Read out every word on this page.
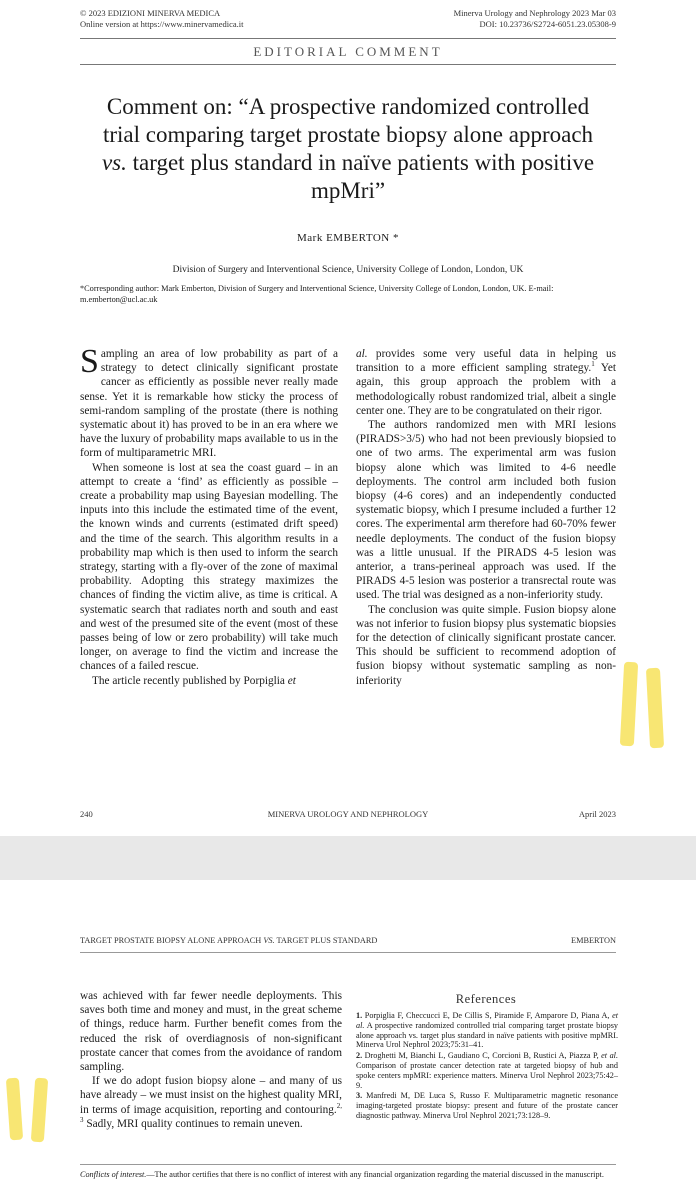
© 2023 EDIZIONI MINERVA MEDICA
Online version at https://www.minervamedica.it
Minerva Urology and Nephrology 2023 Mar 03
DOI: 10.23736/S2724-6051.23.05308-9
EDITORIAL COMMENT
Comment on: “A prospective randomized controlled trial comparing target prostate biopsy alone approach vs. target plus standard in naïve patients with positive mpMri”
Mark EMBERTON *
Division of Surgery and Interventional Science, University College of London, London, UK
*Corresponding author: Mark Emberton, Division of Surgery and Interventional Science, University College of London, London, UK. E-mail: m.emberton@ucl.ac.uk

Sampling an area of low probability as part of a strategy to detect clinically significant prostate cancer as efficiently as possible never really made sense. Yet it is remarkable how sticky the process of semi-random sampling of the prostate (there is nothing systematic about it) has proved to be in an era where we have the luxury of probability maps available to us in the form of multiparametric MRI.

When someone is lost at sea the coast guard – in an attempt to create a ‘find’ as efficiently as possible – create a probability map using Bayesian modelling. The inputs into this include the estimated time of the event, the known winds and currents (estimated drift speed) and the time of the search. This algorithm results in a probability map which is then used to inform the search strategy, starting with a fly-over of the zone of maximal probability. Adopting this strategy maximizes the chances of finding the victim alive, as time is critical. A systematic search that radiates north and south and east and west of the presumed site of the event (most of these passes being of low or zero probability) will take much longer, on average to find the victim and increase the chances of a failed rescue.

The article recently published by Porpiglia et

al. provides some very useful data in helping us transition to a more efficient sampling strategy.$^1$ Yet again, this group approach the problem with a methodologically robust randomized trial, albeit a single center one. They are to be congratulated on their rigor.

The authors randomized men with MRI lesions (PIRADS>3/5) who had not been previously biopsied to one of two arms. The experimental arm was fusion biopsy alone which was limited to 4-6 needle deployments. The control arm included both fusion biopsy (4-6 cores) and an independently conducted systematic biopsy, which I presume included a further 12 cores. The experimental arm therefore had 60-70% fewer needle deployments. The conduct of the fusion biopsy was a little unusual. If the PIRADS 4-5 lesion was anterior, a trans-perineal approach was used. If the PIRADS 4-5 lesion was posterior a transrectal route was used. The trial was designed as a non-inferiority study.

The conclusion was quite simple. Fusion biopsy alone was not inferior to fusion biopsy plus systematic biopsies for the detection of clinically significant prostate cancer. This should be sufficient to recommend adoption of fusion biopsy without systematic sampling as non-inferiority

240	MINERVA UROLOGY AND NEPHROLOGY	April 2023
TARGET PROSTATE BIOPSY ALONE APPROACH VS. TARGET PLUS STANDARD	EMBERTON

was achieved with far fewer needle deployments. This saves both time and money and must, in the great scheme of things, reduce harm. Further benefit comes from the reduced the risk of overdiagnosis of non-significant prostate cancer that comes from the avoidance of random sampling.

If we do adopt fusion biopsy alone – and many of us have already – we must insist on the highest quality MRI, in terms of image acquisition, reporting and contouring.$^{2, 3}$ Sadly, MRI quality continues to remain uneven.

References
1. Porpiglia F, Checcucci E, De Cillis S, Piramide F, Amparore D, Piana A, et al. A prospective randomized controlled trial comparing target prostate biopsy alone approach vs. target plus standard in naïve patients with positive mpMRI. Minerva Urol Nephrol 2023;75:31–41.
2. Droghetti M, Bianchi L, Gaudiano C, Corcioni B, Rustici A, Piazza P, et al. Comparison of prostate cancer detection rate at targeted biopsy of hub and spoke centers mpMRI: experience matters. Minerva Urol Nephrol 2023;75:42–9.
3. Manfredi M, DE Luca S, Russo F. Multiparametric magnetic resonance imaging-targeted prostate biopsy: present and future of the prostate cancer diagnostic pathway. Minerva Urol Nephrol 2021;73:128–9.
Conflicts of interest.—The author certifies that there is no conflict of interest with any financial organization regarding the material discussed in the manuscript.
